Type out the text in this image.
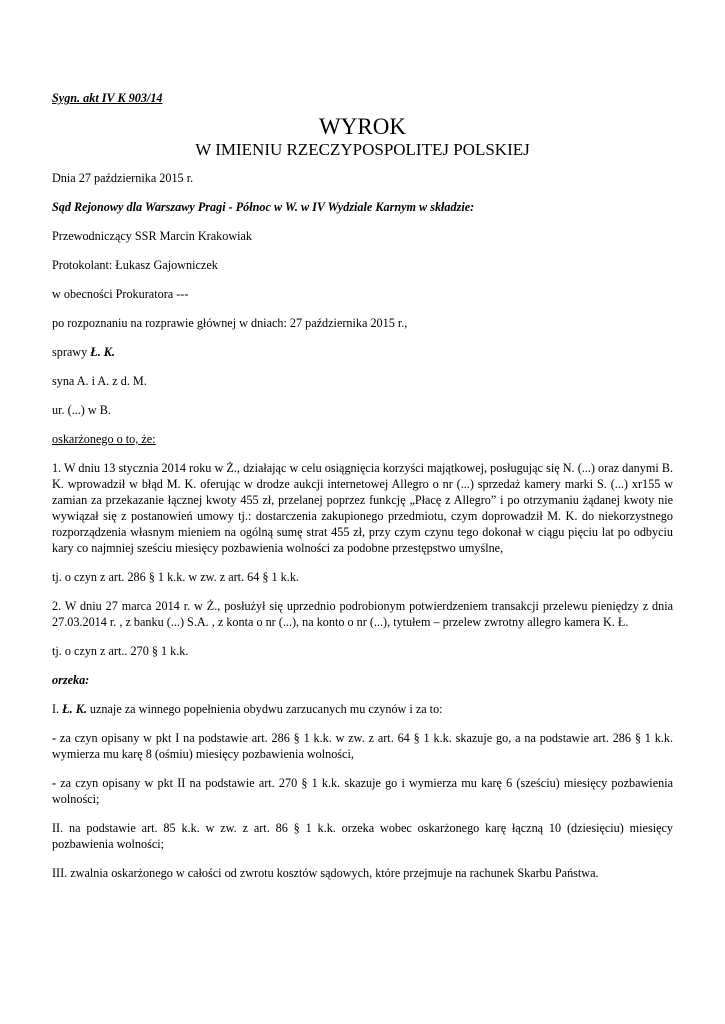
Sygn. akt IV K 903/14

WYROK
W IMIENIU RZECZYPOSPOLITEJ POLSKIEJ

Dnia 27 października 2015 r.

Sąd Rejonowy dla Warszawy Pragi - Północ w W. w IV Wydziale Karnym w składzie:

Przewodniczący SSR Marcin Krakowiak

Protokolant: Łukasz Gajowniczek

w obecności Prokuratora ---

po rozpoznaniu na rozprawie głównej w dniach: 27 października 2015 r.,

sprawy Ł. K.

syna A. i A. z d. M.

ur. (...) w B.

oskarżonego o to, że:

1. W dniu 13 stycznia 2014 roku w Ż., działając w celu osiągnięcia korzyści majątkowej, posługując się N. (...) oraz danymi B. K. wprowadził w błąd M. K. oferując w drodze aukcji internetowej Allegro o nr (...) sprzedaż kamery marki S. (...) xr155 w zamian za przekazanie łącznej kwoty 455 zł, przelanej poprzez funkcję „Płacę z Allegro” i po otrzymaniu żądanej kwoty nie wywiązał się z postanowień umowy tj.: dostarczenia zakupionego przedmiotu, czym doprowadził M. K. do niekorzystnego rozporządzenia własnym mieniem na ogólną sumę strat 455 zł, przy czym czynu tego dokonał w ciągu pięciu lat po odbyciu kary co najmniej sześciu miesięcy pozbawienia wolności za podobne przestępstwo umyślne,

tj. o czyn z art. 286 § 1 k.k. w zw. z art. 64 § 1 k.k.

2. W dniu 27 marca 2014 r. w Ż., posłużył się uprzednio podrobionym potwierdzeniem transakcji przelewu pieniędzy z dnia 27.03.2014 r. , z banku (...) S.A. , z konta o nr (...), na konto o nr (...), tytułem – przelew zwrotny allegro kamera K. Ł.

tj. o czyn z art.. 270 § 1 k.k.

orzeka:

I. Ł. K. uznaje za winnego popełnienia obydwu zarzucanych mu czynów i za to:

- za czyn opisany w pkt I na podstawie art. 286 § 1 k.k. w zw. z art. 64 § 1 k.k. skazuje go, a na podstawie art. 286 § 1 k.k. wymierza mu karę 8 (ośmiu) miesięcy pozbawienia wolności,

- za czyn opisany w pkt II na podstawie art. 270 § 1 k.k. skazuje go i wymierza mu karę 6 (sześciu) miesięcy pozbawienia wolności;

II. na podstawie art. 85 k.k. w zw. z art. 86 § 1 k.k. orzeka wobec oskarżonego karę łączną 10 (dziesięciu) miesięcy pozbawienia wolności;

III. zwalnia oskarżonego w całości od zwrotu kosztów sądowych, które przejmuje na rachunek Skarbu Państwa.
